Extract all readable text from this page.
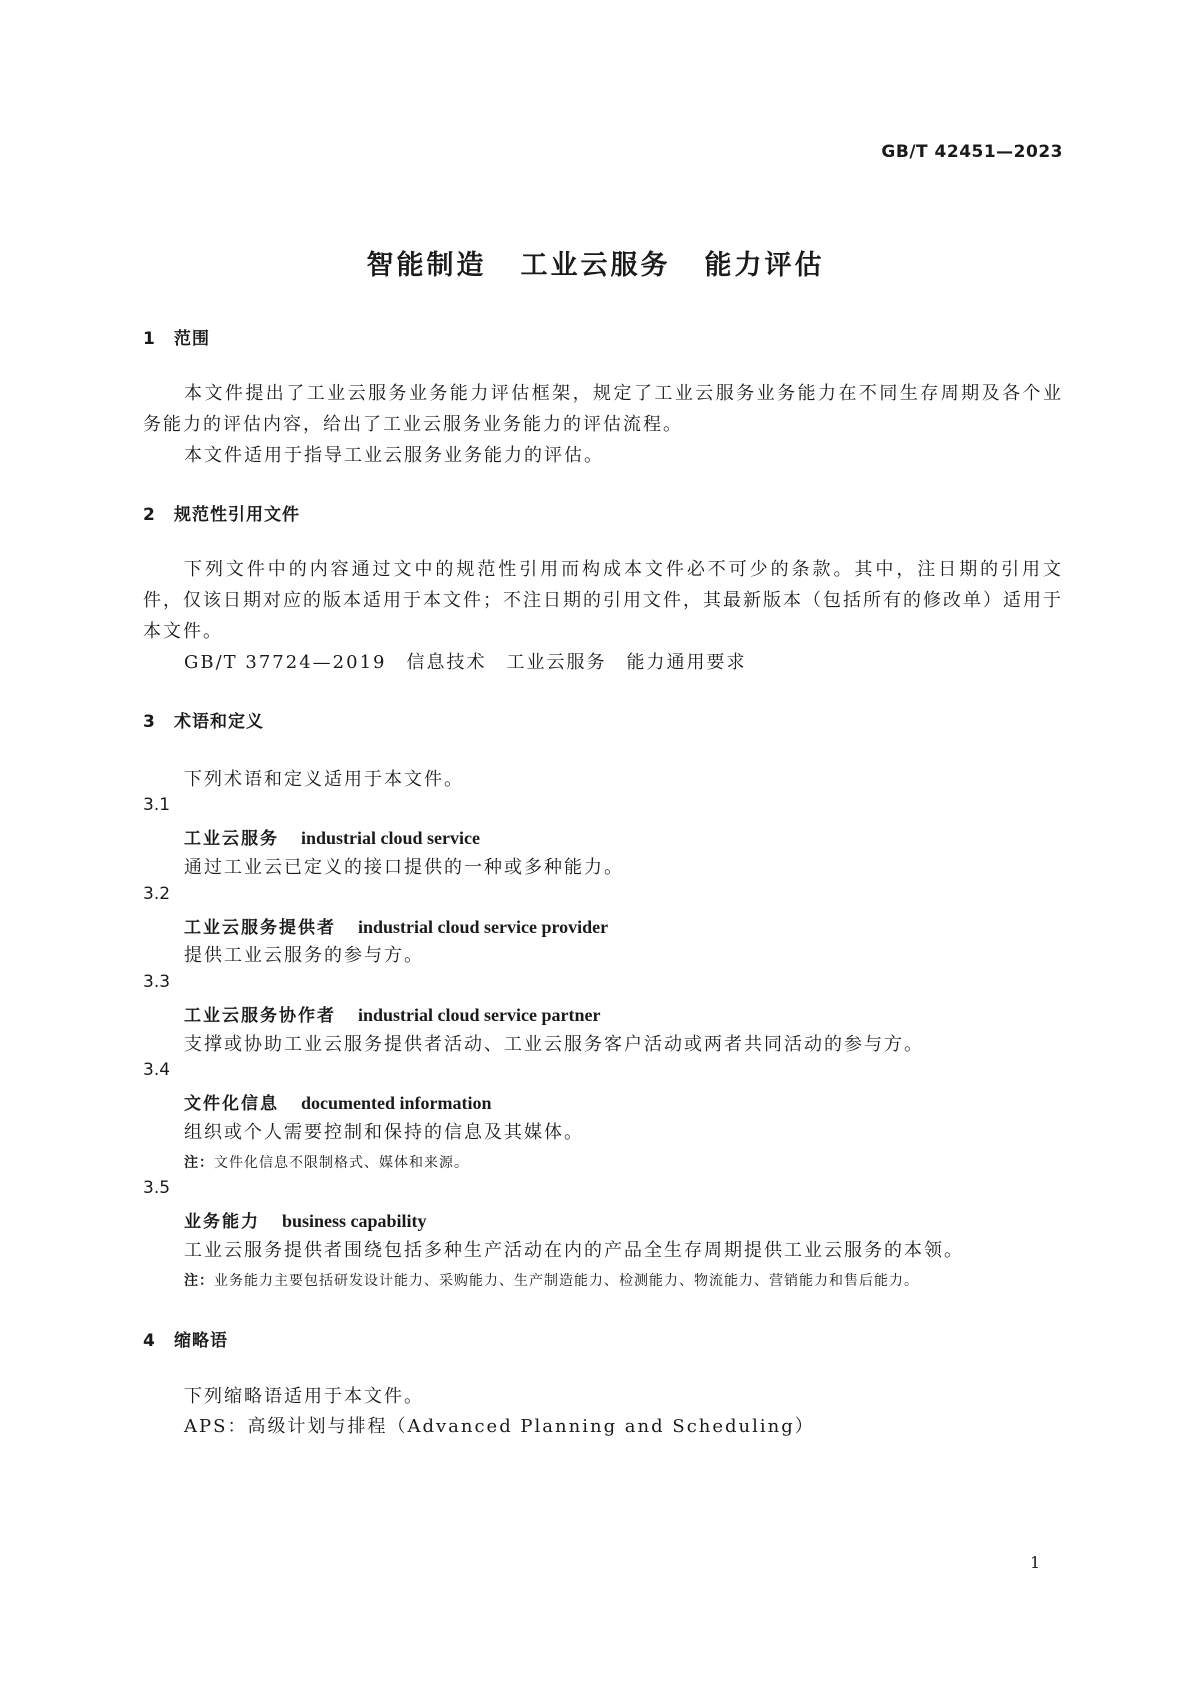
GB/T 42451—2023
智能制造 工业云服务 能力评估
1 范围
本文件提出了工业云服务业务能力评估框架，规定了工业云服务业务能力在不同生存周期及各个业务能力的评估内容，给出了工业云服务业务能力的评估流程。
本文件适用于指导工业云服务业务能力的评估。
2 规范性引用文件
下列文件中的内容通过文中的规范性引用而构成本文件必不可少的条款。其中，注日期的引用文件，仅该日期对应的版本适用于本文件；不注日期的引用文件，其最新版本（包括所有的修改单）适用于本文件。
GB/T 37724—2019 信息技术 工业云服务 能力通用要求
3 术语和定义
下列术语和定义适用于本文件。
3.1
工业云服务 industrial cloud service
通过工业云已定义的接口提供的一种或多种能力。
3.2
工业云服务提供者 industrial cloud service provider
提供工业云服务的参与方。
3.3
工业云服务协作者 industrial cloud service partner
支撑或协助工业云服务提供者活动、工业云服务客户活动或两者共同活动的参与方。
3.4
文件化信息 documented information
组织或个人需要控制和保持的信息及其媒体。
注：文件化信息不限制格式、媒体和来源。
3.5
业务能力 business capability
工业云服务提供者围绕包括多种生产活动在内的产品全生存周期提供工业云服务的本领。
注：业务能力主要包括研发设计能力、采购能力、生产制造能力、检测能力、物流能力、营销能力和售后能力。
4 缩略语
下列缩略语适用于本文件。
APS：高级计划与排程（Advanced Planning and Scheduling）
1
